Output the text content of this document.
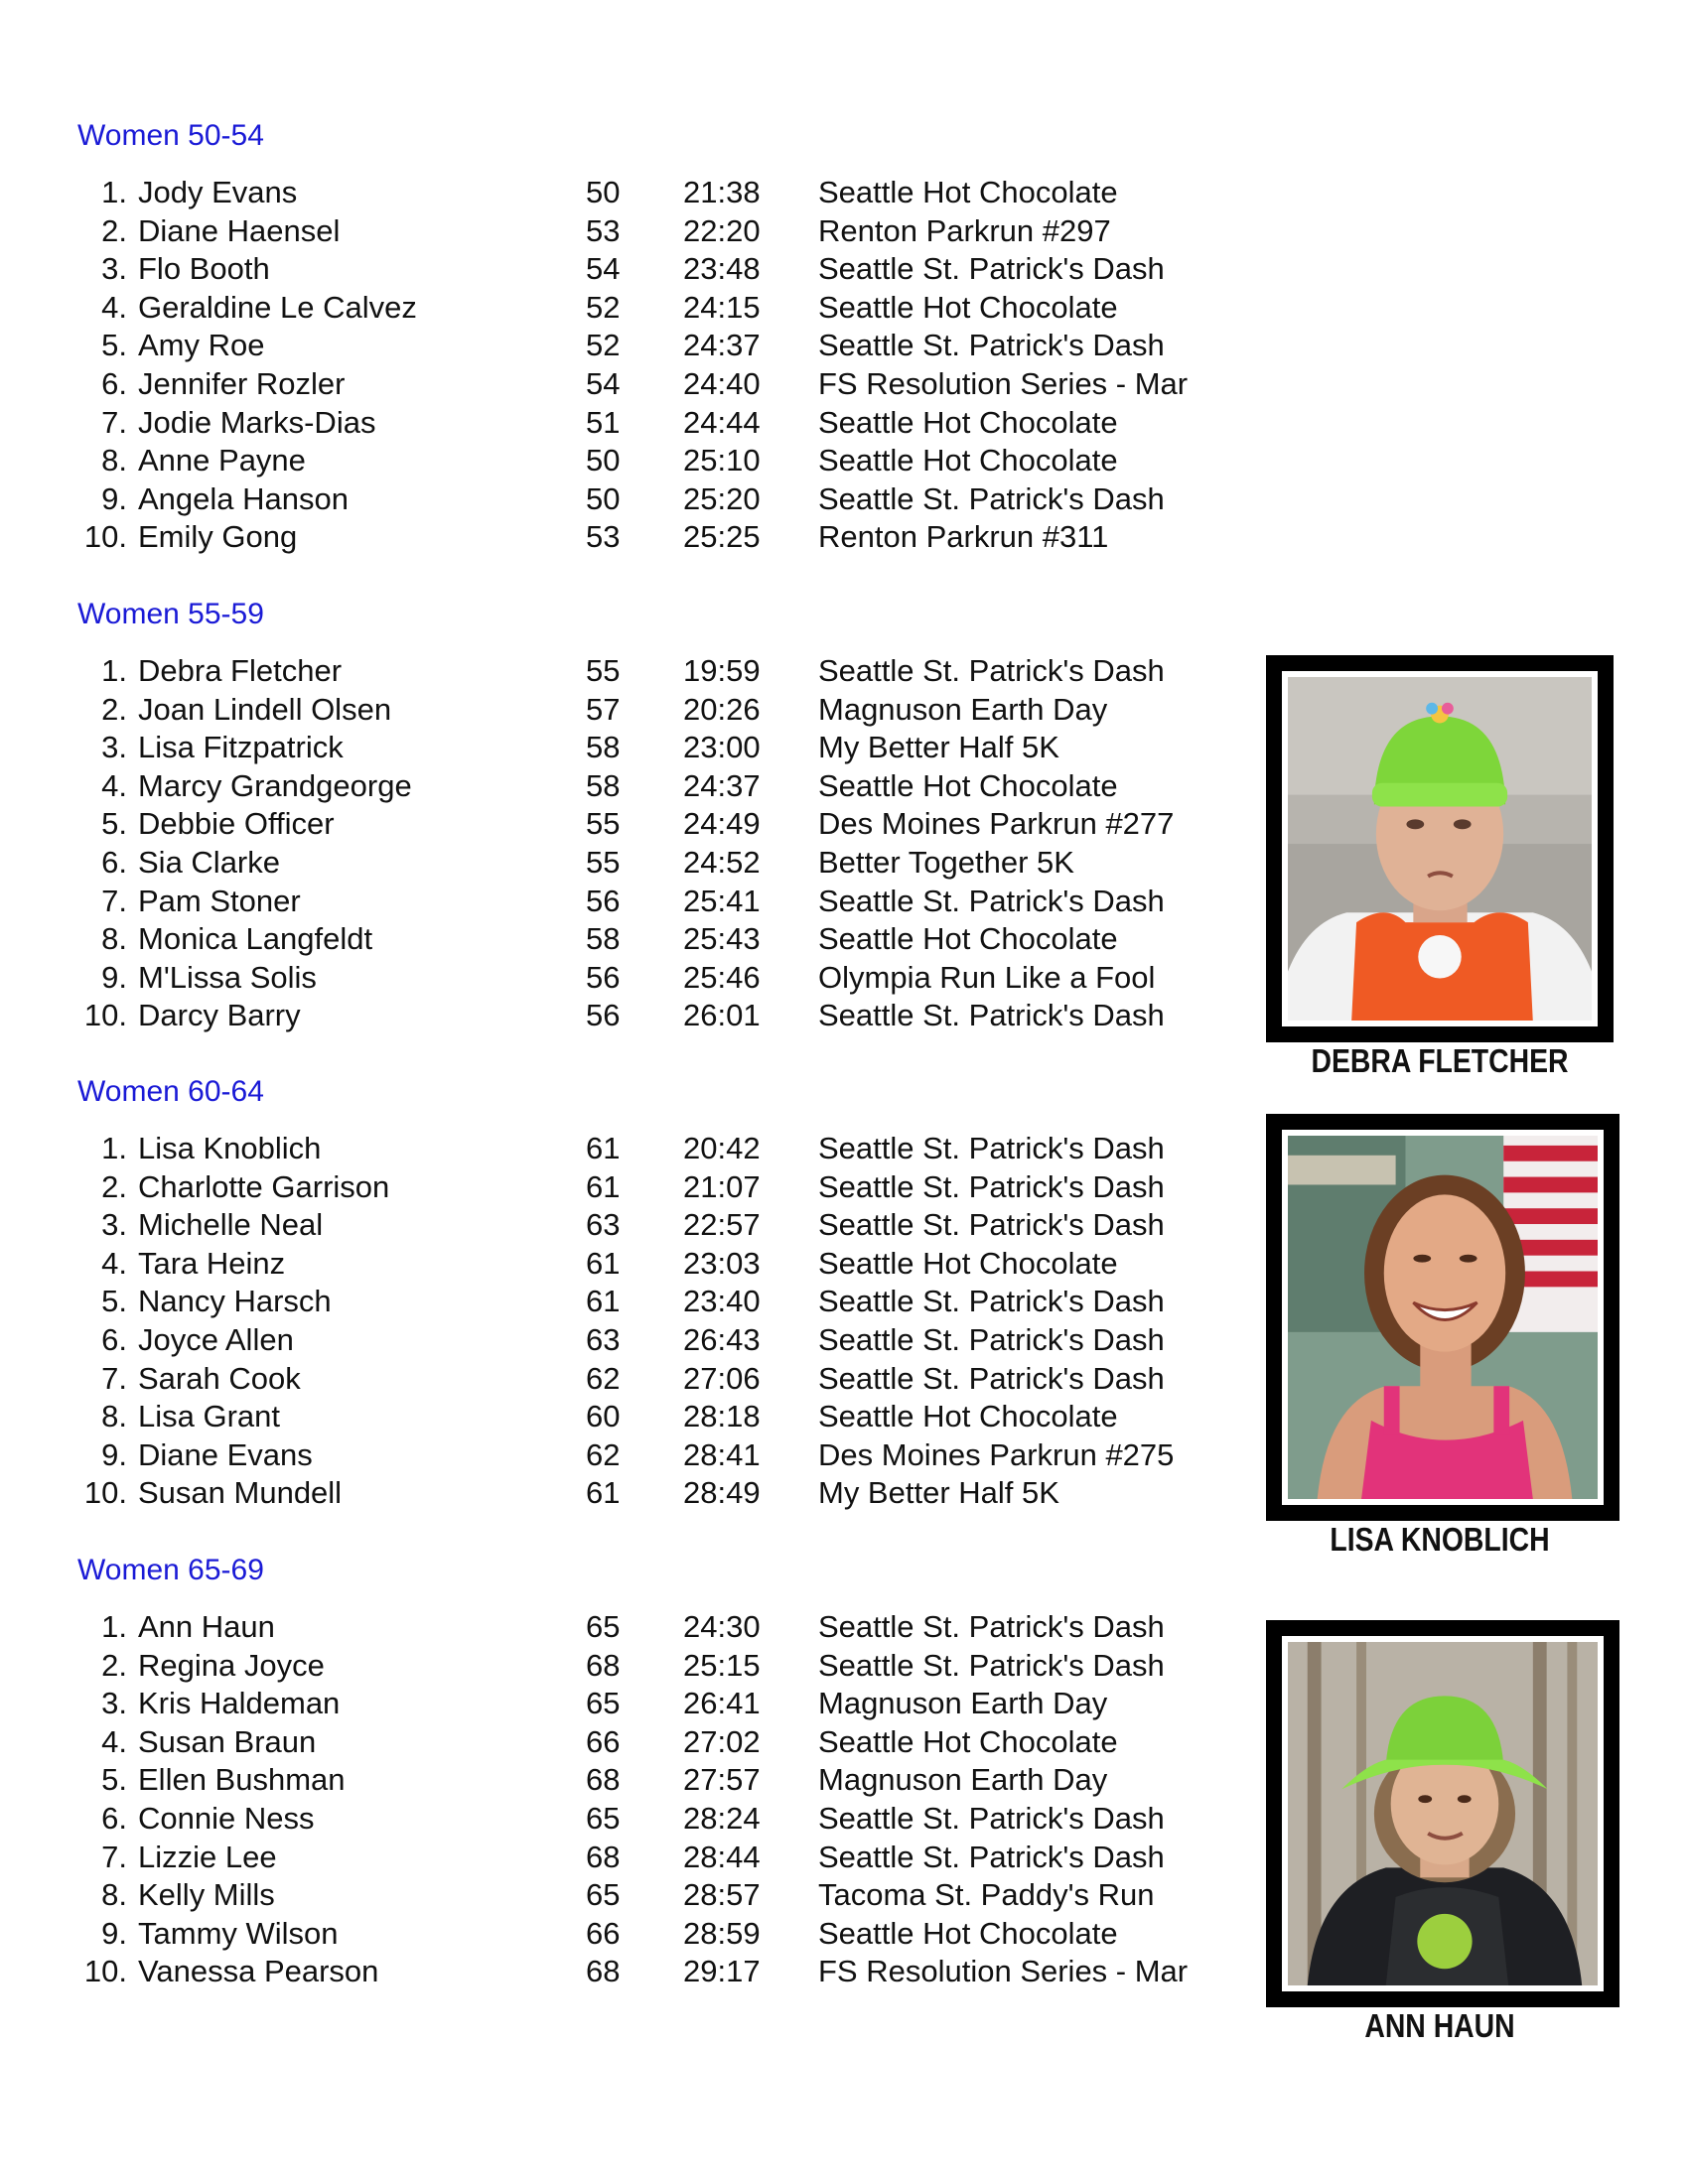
Women 50-54
1. Jody Evans	50 21:38 Seattle Hot Chocolate
2. Diane Haensel	53 22:20 Renton Parkrun #297
3. Flo Booth	54 23:48 Seattle St. Patrick's Dash
4. Geraldine Le Calvez	52 24:15 Seattle Hot Chocolate
5. Amy Roe	52 24:37 Seattle St. Patrick's Dash
6. Jennifer Rozler	54 24:40 FS Resolution Series - Mar
7. Jodie Marks-Dias	51 24:44 Seattle Hot Chocolate
8. Anne Payne	50 25:10 Seattle Hot Chocolate
9. Angela Hanson	50 25:20 Seattle St. Patrick's Dash
10. Emily Gong	53 25:25 Renton Parkrun #311
Women 55-59
1. Debra Fletcher	55 19:59 Seattle St. Patrick's Dash
2. Joan Lindell Olsen	57 20:26 Magnuson Earth Day
3. Lisa Fitzpatrick	58 23:00 My Better Half 5K
4. Marcy Grandgeorge	58 24:37 Seattle Hot Chocolate
5. Debbie Officer	55 24:49 Des Moines Parkrun #277
6. Sia Clarke	55 24:52 Better Together 5K
7. Pam Stoner	56 25:41 Seattle St. Patrick's Dash
8. Monica Langfeldt	58 25:43 Seattle Hot Chocolate
9. M'Lissa Solis	56 25:46 Olympia Run Like a Fool
10. Darcy Barry	56 26:01 Seattle St. Patrick's Dash
Women 60-64
1. Lisa Knoblich	61 20:42 Seattle St. Patrick's Dash
2. Charlotte Garrison	61 21:07 Seattle St. Patrick's Dash
3. Michelle Neal	63 22:57 Seattle St. Patrick's Dash
4. Tara Heinz	61 23:03 Seattle Hot Chocolate
5. Nancy Harsch	61 23:40 Seattle St. Patrick's Dash
6. Joyce Allen	63 26:43 Seattle St. Patrick's Dash
7. Sarah Cook	62 27:06 Seattle St. Patrick's Dash
8. Lisa Grant	60 28:18 Seattle Hot Chocolate
9. Diane Evans	62 28:41 Des Moines Parkrun #275
10. Susan Mundell	61 28:49 My Better Half 5K
Women 65-69
1. Ann Haun	65 24:30 Seattle St. Patrick's Dash
2. Regina Joyce	68 25:15 Seattle St. Patrick's Dash
3. Kris Haldeman	65 26:41 Magnuson Earth Day
4. Susan Braun	66 27:02 Seattle Hot Chocolate
5. Ellen Bushman	68 27:57 Magnuson Earth Day
6. Connie Ness	65 28:24 Seattle St. Patrick's Dash
7. Lizzie Lee	68 28:44 Seattle St. Patrick's Dash
8. Kelly Mills	65 28:57 Tacoma St. Paddy's Run
9. Tammy Wilson	66 28:59 Seattle Hot Chocolate
10. Vanessa Pearson	68 29:17 FS Resolution Series - Mar
DEBRA FLETCHER
LISA KNOBLICH
ANN HAUN
